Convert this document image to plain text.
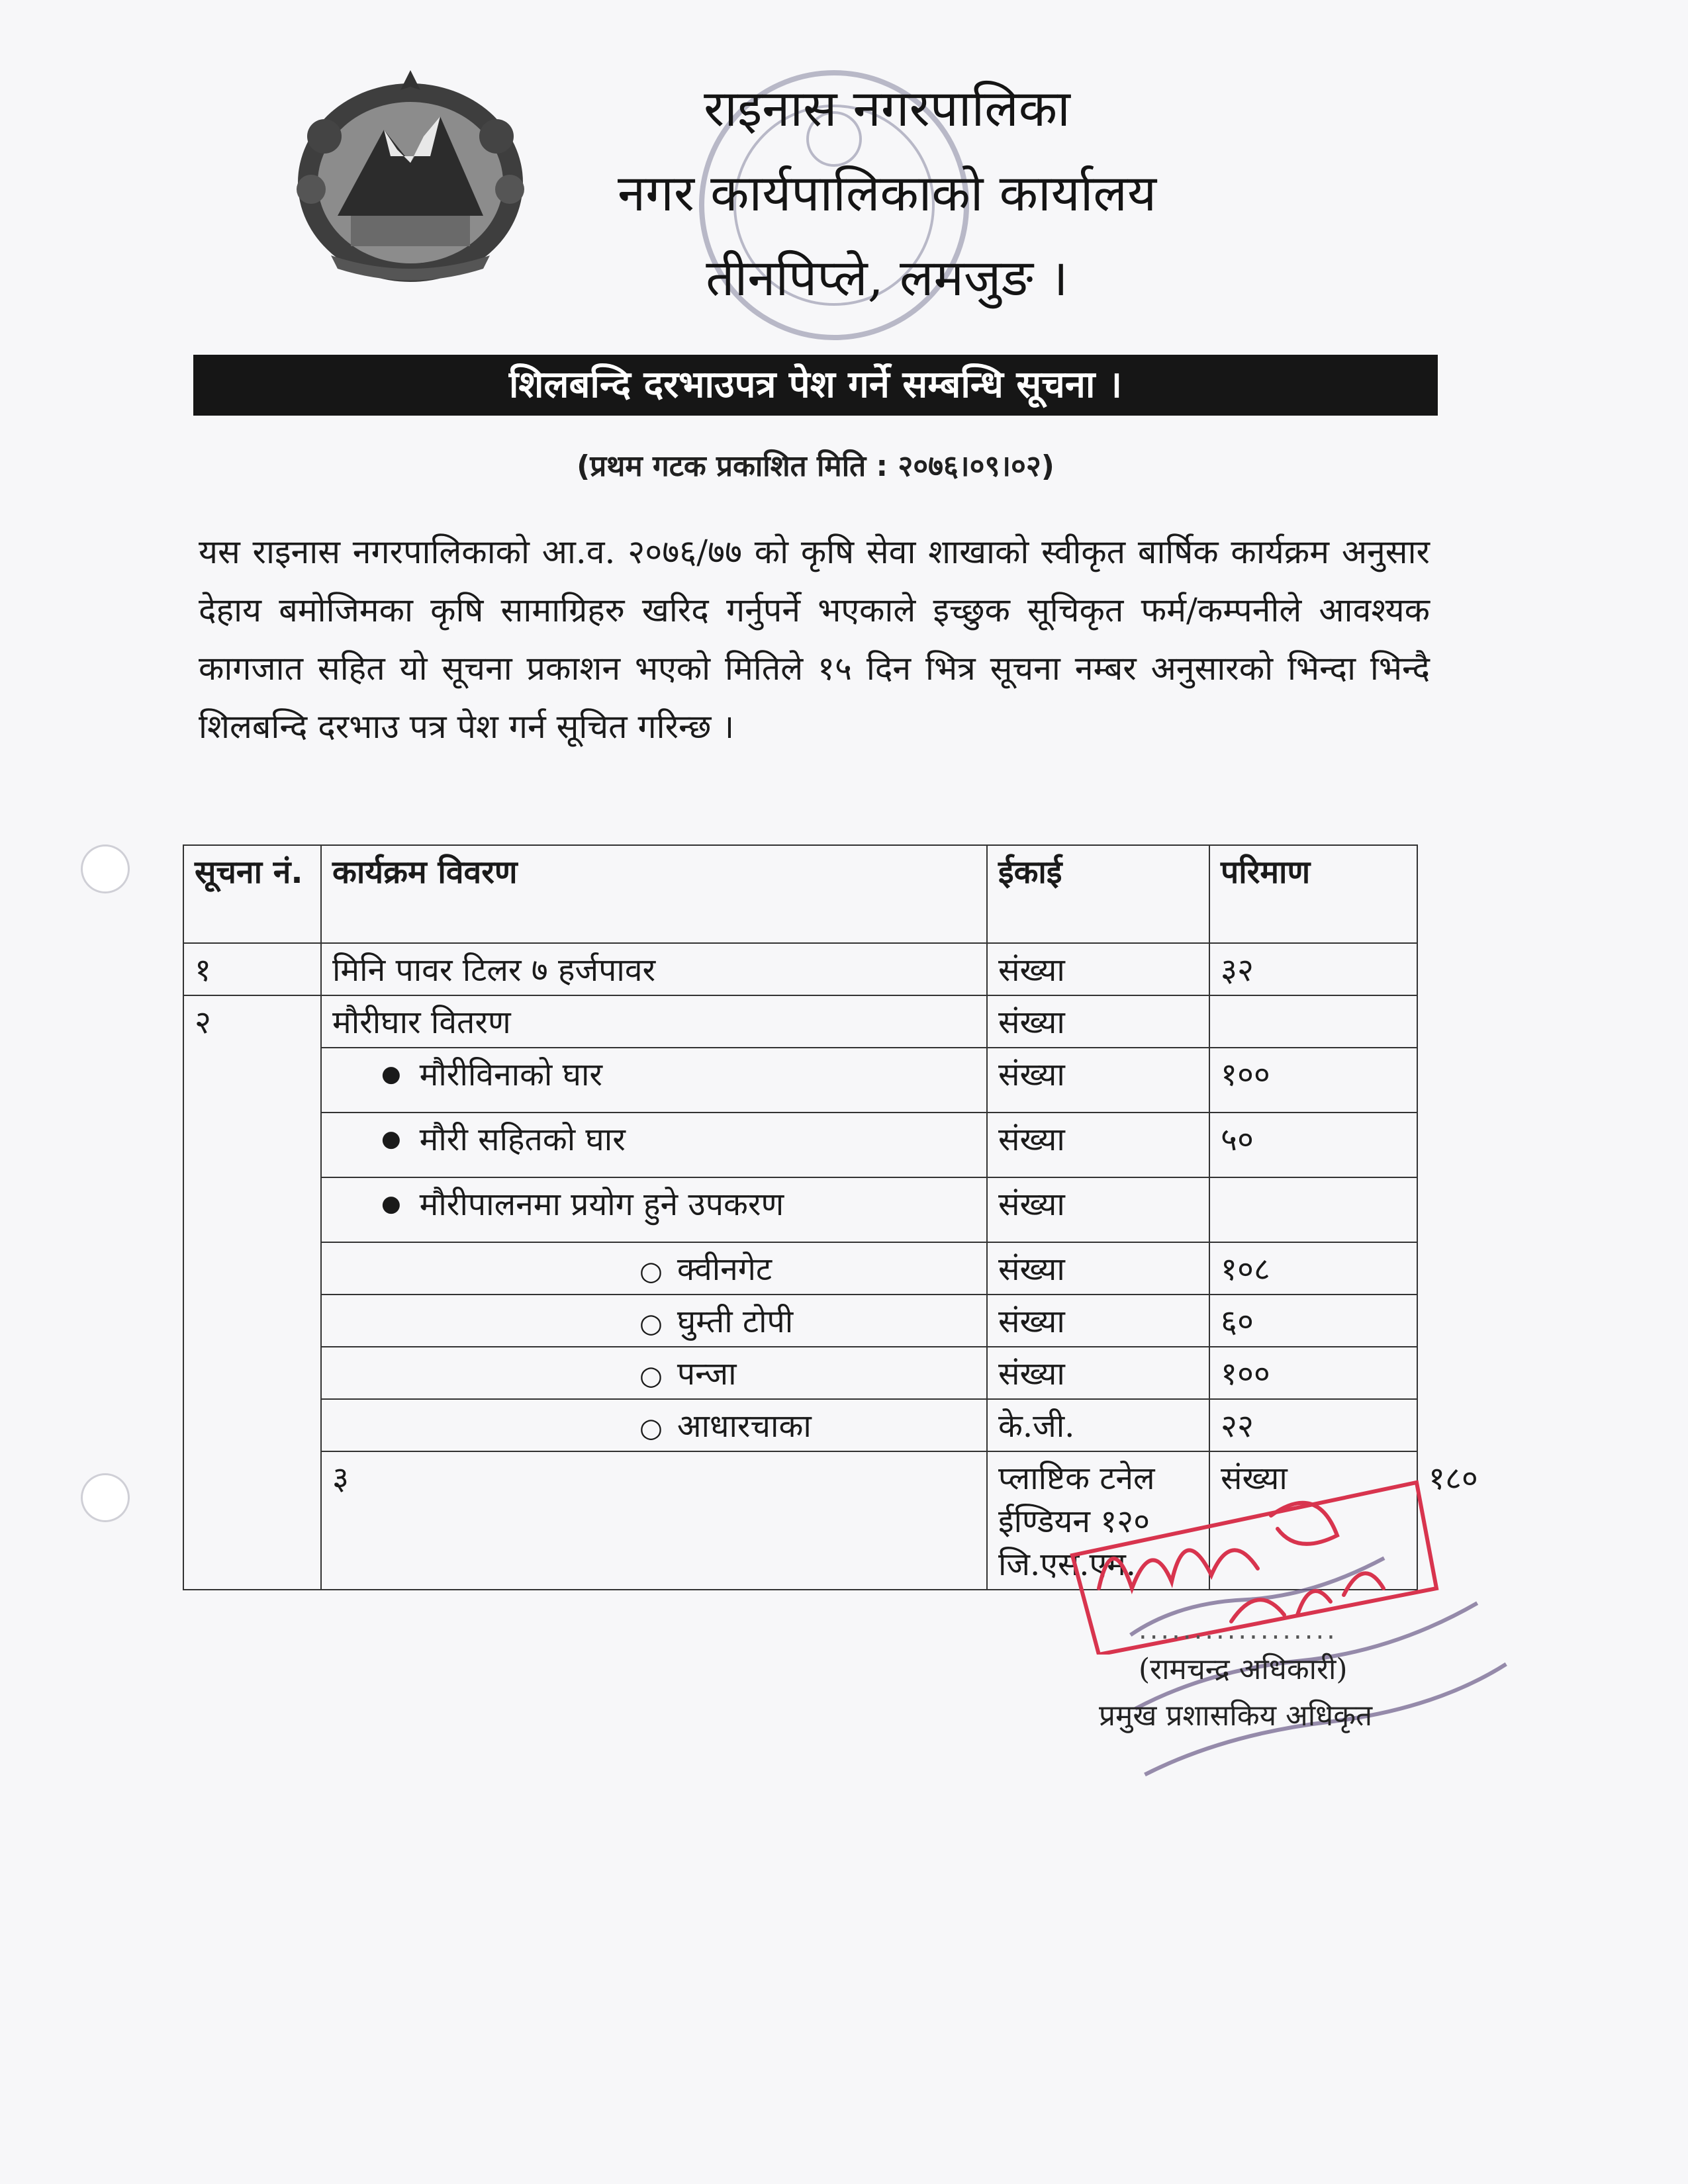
राइनास नगरपालिका
नगर कार्यपालिकाको कार्यालय
तीनपिप्ले, लमजुङ ।
शिलबन्दि दरभाउपत्र पेश गर्ने सम्बन्धि सूचना ।
(प्रथम गटक प्रकाशित मिति : २०७६।०९।०२)
यस राइनास नगरपालिकाको आ.व. २०७६/७७ को कृषि सेवा शाखाको स्वीकृत बार्षिक कार्यक्रम अनुसार देहाय बमोजिमका कृषि सामाग्रिहरु खरिद गर्नुपर्ने भएकाले इच्छुक सूचिकृत फर्म/कम्पनीले आवश्यक कागजात सहित यो सूचना प्रकाशन भएको मितिले १५ दिन भित्र सूचना नम्बर अनुसारको भिन्दा भिन्दै शिलबन्दि दरभाउ पत्र पेश गर्न सूचित गरिन्छ ।
सूचना नं.	कार्यक्रम विवरण	ईकाई	परिमाण	
१	मिनि पावर टिलर ७ हर्जपावर	संख्या	३२	
२	मौरीघार वितरण	संख्या		
	● मौरीविनाको घार	संख्या	१००	
	● मौरी सहितको घार	संख्या	५०	
	● मौरीपालनमा प्रयोग हुने उपकरण	संख्या		
	○ क्वीनगेट	संख्या	१०८	
	○ घुम्ती टोपी	संख्या	६०	
	○ पन्जा	संख्या	१००	
	○ आधारचाका	के.जी.	२२	
	३	प्लाष्टिक टनेल ईण्डियन १२० जि.एस.एम.	संख्या	१८०
..................
(रामचन्द्र अधिकारी)
प्रमुख प्रशासकिय अधिकृत
